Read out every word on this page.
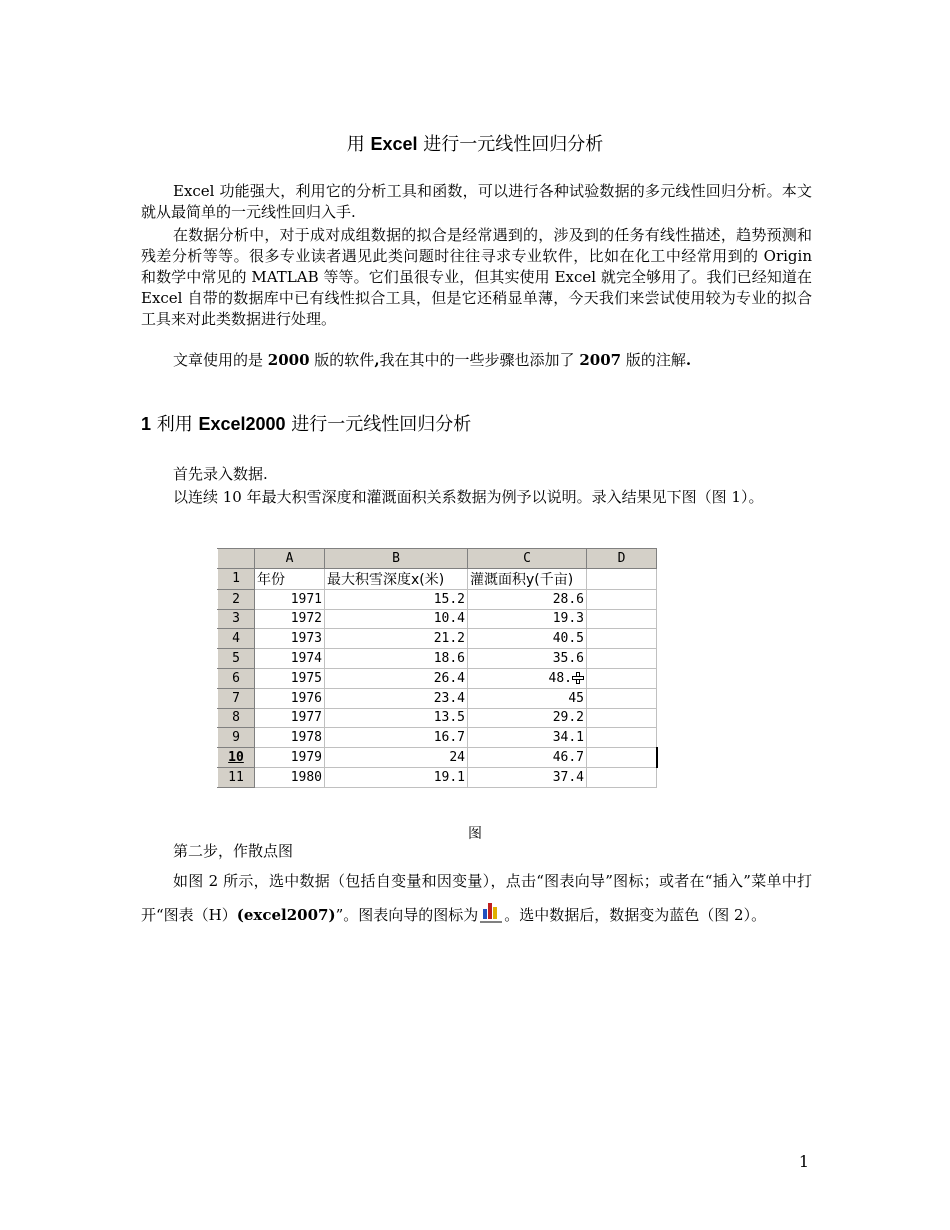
用 Excel 进行一元线性回归分析

Excel 功能强大，利用它的分析工具和函数，可以进行各种试验数据的多元线性回归分析。本文就从最简单的一元线性回归入手.

在数据分析中，对于成对成组数据的拟合是经常遇到的，涉及到的任务有线性描述，趋势预测和残差分析等等。很多专业读者遇见此类问题时往往寻求专业软件，比如在化工中经常用到的 Origin 和数学中常见的 MATLAB 等等。它们虽很专业，但其实使用 Excel 就完全够用了。我们已经知道在 Excel 自带的数据库中已有线性拟合工具，但是它还稍显单薄，今天我们来尝试使用较为专业的拟合工具来对此类数据进行处理。

文章使用的是 2000 版的软件,我在其中的一些步骤也添加了 2007 版的注解.

1 利用 Excel2000 进行一元线性回归分析

首先录入数据.

以连续 10 年最大积雪深度和灌溉面积关系数据为例予以说明。录入结果见下图（图 1）。

	A	B	C	D
1	年份	最大积雪深度x(米)	灌溉面积y(千亩)	
2	1971	15.2	28.6	
3	1972	10.4	19.3	
4	1973	21.2	40.5	
5	1974	18.6	35.6	
6	1975	26.4	48.	
7	1976	23.4	45	
8	1977	13.5	29.2	
9	1978	16.7	34.1	
10	1979	24	46.7	
11	1980	19.1	37.4	
图

第二步，作散点图

如图 2 所示，选中数据（包括自变量和因变量），点击“图表向导”图标；或者在“插入”菜单中打开“图表（H）(excel2007)”。图表向导的图标为 。选中数据后，数据变为蓝色（图 2）。

1
